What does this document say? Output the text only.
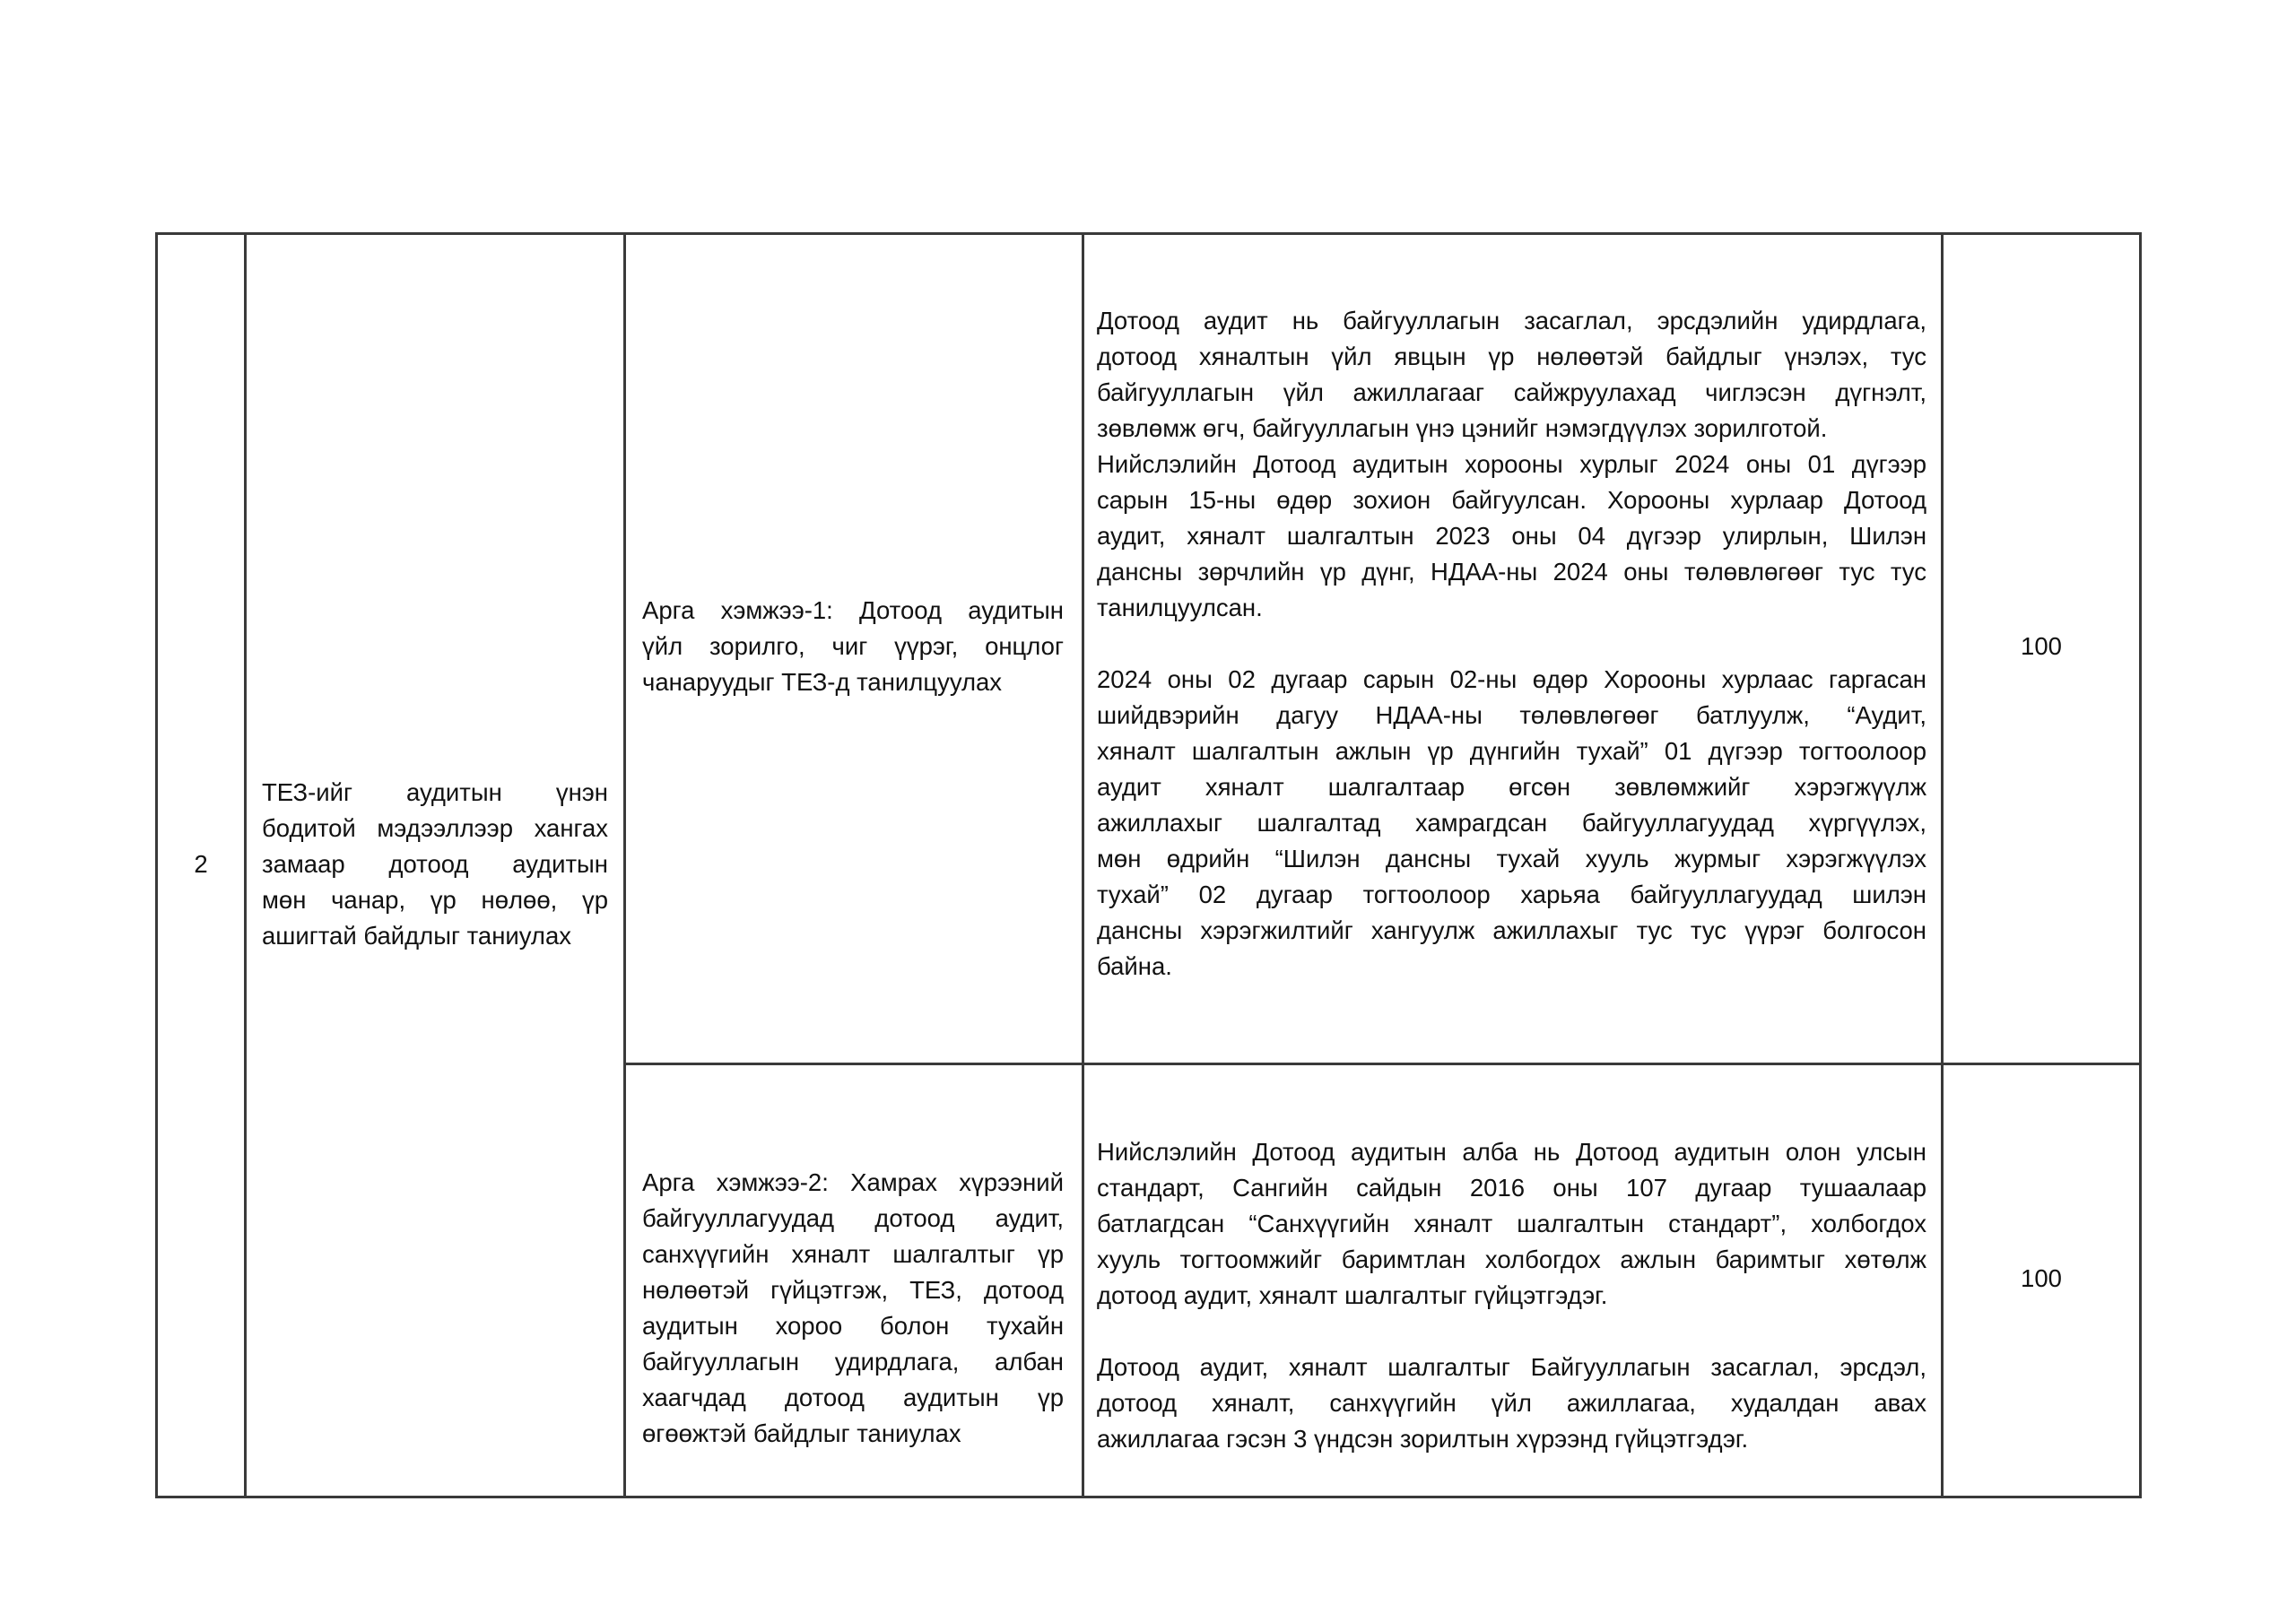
2
ТЕЗ-ийг аудитын үнэн
бодитой мэдээллээр хангах
замаар дотоод аудитын
мөн чанар, үр нөлөө, үр
ашигтай байдлыг таниулах
Арга хэмжээ-1: Дотоод аудитын
үйл зорилго, чиг үүрэг, онцлог
чанаруудыг ТЕЗ-д танилцуулах
Дотоод аудит нь байгууллагын засаглал, эрсдэлийн удирдлага,
дотоод хяналтын үйл явцын үр нөлөөтэй байдлыг үнэлэх, тус
байгууллагын үйл ажиллагааг сайжруулахад чиглэсэн дүгнэлт,
зөвлөмж өгч, байгууллагын үнэ цэнийг нэмэгдүүлэх зорилготой.
Нийслэлийн Дотоод аудитын хорооны хурлыг 2024 оны 01 дүгээр
сарын 15-ны өдөр зохион байгуулсан. Хорооны хурлаар Дотоод
аудит, хяналт шалгалтын 2023 оны 04 дүгээр улирлын, Шилэн
дансны зөрчлийн үр дүнг, НДАА-ны 2024 оны төлөвлөгөөг тус тус
танилцуулсан.
2024 оны 02 дугаар сарын 02-ны өдөр Хорооны хурлаас гаргасан
шийдвэрийн дагуу НДАА-ны төлөвлөгөөг батлуулж, “Аудит,
хяналт шалгалтын ажлын үр дүнгийн тухай” 01 дүгээр тогтоолоор
аудит хяналт шалгалтаар өгсөн зөвлөмжийг хэрэгжүүлж
ажиллахыг шалгалтад хамрагдсан байгууллагуудад хүргүүлэх,
мөн өдрийн “Шилэн дансны тухай хууль журмыг хэрэгжүүлэх
тухай” 02 дугаар тогтоолоор харьяа байгууллагуудад шилэн
дансны хэрэгжилтийг хангуулж ажиллахыг тус тус үүрэг болгосон
байна.
100
Арга хэмжээ-2: Хамрах хүрээний
байгууллагуудад дотоод аудит,
санхүүгийн хяналт шалгалтыг үр
нөлөөтэй гүйцэтгэж, ТЕЗ, дотоод
аудитын хороо болон тухайн
байгууллагын удирдлага, албан
хаагчдад дотоод аудитын үр
өгөөжтэй байдлыг таниулах
Нийслэлийн Дотоод аудитын алба нь Дотоод аудитын олон улсын
стандарт, Сангийн сайдын 2016 оны 107 дугаар тушаалаар
батлагдсан “Санхүүгийн хяналт шалгалтын стандарт”, холбогдох
хууль тогтоомжийг баримтлан холбогдох ажлын баримтыг хөтөлж
дотоод аудит, хяналт шалгалтыг гүйцэтгэдэг.
Дотоод аудит, хяналт шалгалтыг Байгууллагын засаглал, эрсдэл,
дотоод хяналт, санхүүгийн үйл ажиллагаа, худалдан авах
ажиллагаа гэсэн 3 үндсэн зорилтын хүрээнд гүйцэтгэдэг.
100
